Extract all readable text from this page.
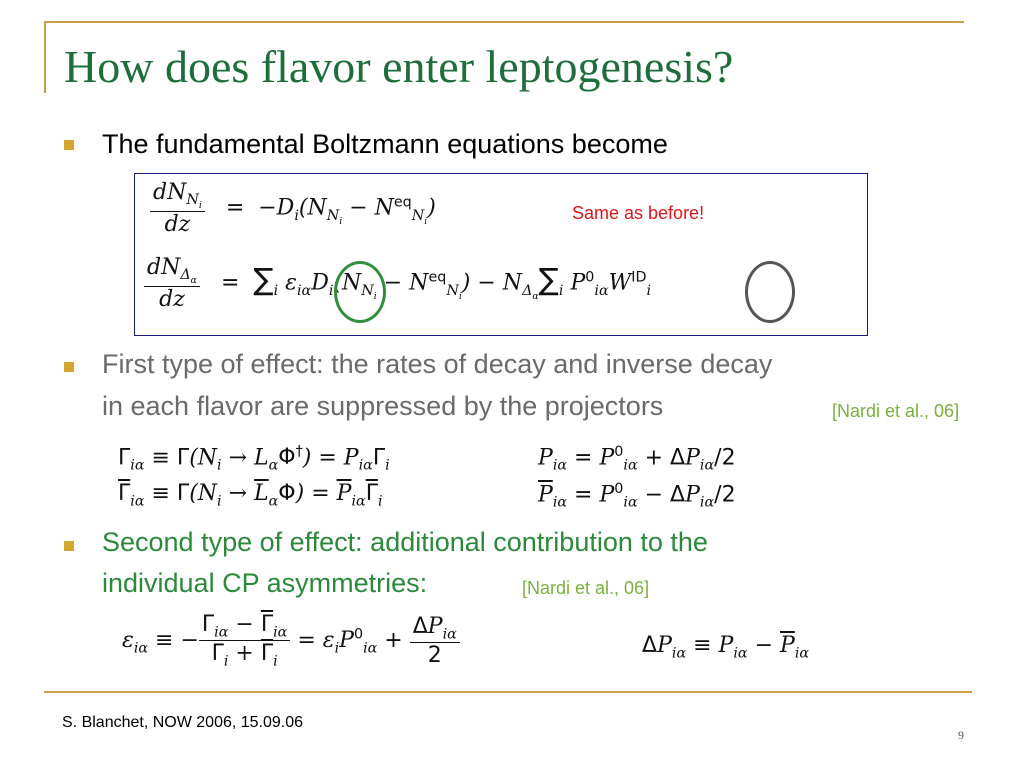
How does flavor enter leptogenesis?
The fundamental Boltzmann equations become
$\frac{dN_{N_i}}{dz} = -D_i(N_{N_i} - N^{eq}_{N_i})$	Same as before!
$\frac{dN_{\Delta_\alpha}}{dz} = \sum_i$ $\varepsilon_{i\alpha}D_i(N_{N_i} - N^{eq}_{N_i}) - N_{\Delta_\alpha}\sum_i$ $P^0_{i\alpha}W^{ID}_i$
First type of effect: the rates of decay and inverse decay
in each flavor are suppressed by the projectors	[Nardi et al., 06]
$\Gamma_{i\alpha} \equiv \Gamma(N_i \to L_\alpha\Phi^\dagger) = P_{i\alpha}\Gamma_i$	$P_{i\alpha} = P^0_{i\alpha} + \Delta P_{i\alpha}/2$
$\overline{\Gamma}_{i\alpha} \equiv \Gamma(N_i \to \overline{L}_\alpha\Phi) = \overline{P}_{i\alpha}\overline{\Gamma}_i$	$\overline{P}_{i\alpha} = P^0_{i\alpha} - \Delta P_{i\alpha}/2$
Second type of effect: additional contribution to the
individual CP asymmetries:	[Nardi et al., 06]
$\varepsilon_{i\alpha}$ ≡ − $\frac{\Gamma_{i\alpha} - \overline{\Gamma}_{i\alpha}}{\Gamma_i + \overline{\Gamma}_i} = \varepsilon_iP^0_{i\alpha} + \frac{\Delta P_{i\alpha}}{2}$	$\Delta P_{i\alpha} \equiv P_{i\alpha} - \overline{P}_{i\alpha}$
S. Blanchet, NOW 2006, 15.09.06
9
